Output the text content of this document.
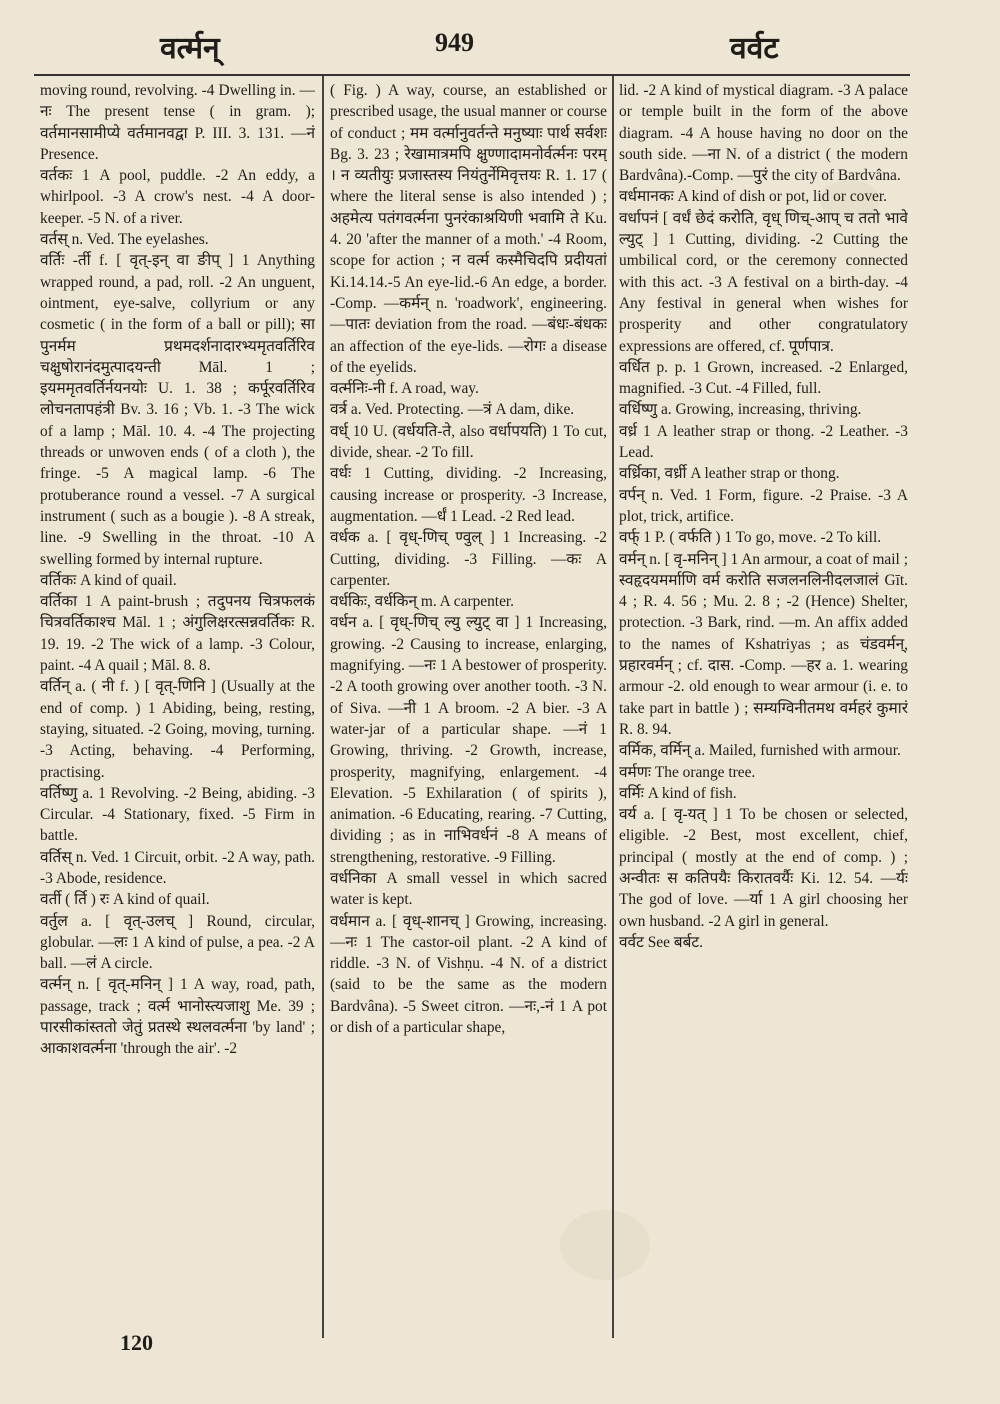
वर्त्मन्	949	वर्वट

moving round, revolving. -4 Dwelling in. —नः The present tense ( in gram. ); वर्तमानसामीप्ये वर्तमानवद्वा P. III. 3. 131. —नं Presence.

वर्तकः 1 A pool, puddle. -2 An eddy, a whirlpool. -3 A crow's nest. -4 A door-keeper. -5 N. of a river.

वर्तस् n. Ved. The eyelashes.

वर्तिः -र्ती f. [ वृत्-इन् वा ङीप् ] 1 Anything wrapped round, a pad, roll. -2 An unguent, ointment, eye-salve, collyrium or any cosmetic ( in the form of a ball or pill); सा पुनर्मम प्रथमदर्शनादारभ्यमृतवर्तिरिव चक्षुषोरानंदमुत्पादयन्ती Māl. 1 ; इयममृतवर्तिर्नयनयोः U. 1. 38 ; कर्पूरवर्तिरिव लोचनतापहंत्री Bv. 3. 16 ; Vb. 1. -3 The wick of a lamp ; Māl. 10. 4. -4 The projecting threads or unwoven ends ( of a cloth ), the fringe. -5 A magical lamp. -6 The protuberance round a vessel. -7 A surgical instrument ( such as a bougie ). -8 A streak, line. -9 Swelling in the throat. -10 A swelling formed by internal rupture.

वर्तिकः A kind of quail.

वर्तिका 1 A paint-brush ; तदुपनय चित्रफलकं चित्रवर्तिकाश्च Māl. 1 ; अंगुलिक्षरत्सन्नवर्तिकः R. 19. 19. -2 The wick of a lamp. -3 Colour, paint. -4 A quail ; Māl. 8. 8.

वर्तिन् a. ( नी f. ) [ वृत्-णिनि ] (Usually at the end of comp. ) 1 Abiding, being, resting, staying, situated. -2 Going, moving, turning. -3 Acting, behaving. -4 Performing, practising.

वर्तिष्णु a. 1 Revolving. -2 Being, abiding. -3 Circular. -4 Stationary, fixed. -5 Firm in battle.

वर्तिस् n. Ved. 1 Circuit, orbit. -2 A way, path. -3 Abode, residence.

वर्ती ( र्ति ) रः A kind of quail.

वर्तुल a. [ वृत्-उलच् ] Round, circular, globular. —लः 1 A kind of pulse, a pea. -2 A ball. —लं A circle.

वर्त्मन् n. [ वृत्-मनिन् ] 1 A way, road, path, passage, track ; वर्त्म भानोस्त्यजाशु Me. 39 ; पारसीकांस्ततो जेतुं प्रतस्थे स्थलवर्त्मना 'by land' ; आकाशवर्त्मना 'through the air'. -2

( Fig. ) A way, course, an established or prescribed usage, the usual manner or course of conduct ; मम वर्त्मानुवर्तन्ते मनुष्याः पार्थ सर्वशः Bg. 3. 23 ; रेखामात्रमपि क्षुण्णादामनोर्वर्त्मनः परम् । न व्यतीयुः प्रजास्तस्य नियंतुर्नेमिवृत्तयः R. 1. 17 ( where the literal sense is also intended ) ; अहमेत्य पतंगवर्त्मना पुनरंकाश्रयिणी भवामि ते Ku. 4. 20 'after the manner of a moth.' -4 Room, scope for action ; न वर्त्म कस्मैचिदपि प्रदीयतां Ki.14.14.-5 An eye-lid.-6 An edge, a border. -Comp. —कर्मन् n. 'roadwork', engineering. —पातः deviation from the road. —बंधः-बंधकः an affection of the eye-lids. —रोगः a disease of the eyelids.

वर्त्मनिः-नी f. A road, way.

वर्त्र a. Ved. Protecting. —त्रं A dam, dike.

वर्ध् 10 U. (वर्धयति-ते, also वर्धापयति) 1 To cut, divide, shear. -2 To fill.

वर्धः 1 Cutting, dividing. -2 Increasing, causing increase or prosperity. -3 Increase, augmentation. —र्धं 1 Lead. -2 Red lead.

वर्धक a. [ वृध्-णिच् ण्वुल् ] 1 Increasing. -2 Cutting, dividing. -3 Filling. —कः A carpenter.

वर्धकिः, वर्धकिन् m. A carpenter.

वर्धन a. [ वृध्-णिच् ल्यु ल्युट् वा ] 1 Increasing, growing. -2 Causing to increase, enlarging, magnifying. —नः 1 A bestower of prosperity. -2 A tooth growing over another tooth. -3 N. of Siva. —नी 1 A broom. -2 A bier. -3 A water-jar of a particular shape. —नं 1 Growing, thriving. -2 Growth, increase, prosperity, magnifying, enlargement. -4 Elevation. -5 Exhilaration ( of spirits ), animation. -6 Educating, rearing. -7 Cutting, dividing ; as in नाभिवर्धनं -8 A means of strengthening, restorative. -9 Filling.

वर्धनिका A small vessel in which sacred water is kept.

वर्धमान a. [ वृध्-शानच् ] Growing, increasing. —नः 1 The castor-oil plant. -2 A kind of riddle. -3 N. of Vishṇu. -4 N. of a district (said to be the same as the modern Bardvâna). -5 Sweet citron. —नः,-नं 1 A pot or dish of a particular shape,

lid. -2 A kind of mystical diagram. -3 A palace or temple built in the form of the above diagram. -4 A house having no door on the south side. —ना N. of a district ( the modern Bardvâna).-Comp. —पुरं the city of Bardvâna.

वर्धमानकः A kind of dish or pot, lid or cover.

वर्धापनं [ वर्धं छेदं करोति, वृध् णिच्-आप् च ततो भावे ल्युट् ] 1 Cutting, dividing. -2 Cutting the umbilical cord, or the ceremony connected with this act. -3 A festival on a birth-day. -4 Any festival in general when wishes for prosperity and other congratulatory expressions are offered, cf. पूर्णपात्र.

वर्धित p. p. 1 Grown, increased. -2 Enlarged, magnified. -3 Cut. -4 Filled, full.

वर्धिष्णु a. Growing, increasing, thriving.

वर्ध्र 1 A leather strap or thong. -2 Leather. -3 Lead.

वर्ध्रिका, वर्ध्री A leather strap or thong.

वर्पन् n. Ved. 1 Form, figure. -2 Praise. -3 A plot, trick, artifice.

वर्फ् 1 P. ( वर्फति ) 1 To go, move. -2 To kill.

वर्मन् n. [ वृ-मनिन् ] 1 An armour, a coat of mail ; स्वहृदयमर्माणि वर्म करोति सजलनलिनीदलजालं Gīt. 4 ; R. 4. 56 ; Mu. 2. 8 ; -2 (Hence) Shelter, protection. -3 Bark, rind. —m. An affix added to the names of Kshatriyas ; as चंडवर्मन्, प्रहारवर्मन् ; cf. दास. -Comp. —हर a. 1. wearing armour -2. old enough to wear armour (i. e. to take part in battle ) ; सम्यग्विनीतमथ वर्महरं कुमारं R. 8. 94.

वर्मिक, वर्मिन् a. Mailed, furnished with armour.

वर्मणः The orange tree.

वर्मिः A kind of fish.

वर्य a. [ वृ-यत् ] 1 To be chosen or selected, eligible. -2 Best, most excellent, chief, principal ( mostly at the end of comp. ) ; अन्वीतः स कतिपयैः किरातवर्यैः Ki. 12. 54. —र्यः The god of love. —र्या 1 A girl choosing her own husband. -2 A girl in general.

वर्वट See बर्बट.

120
